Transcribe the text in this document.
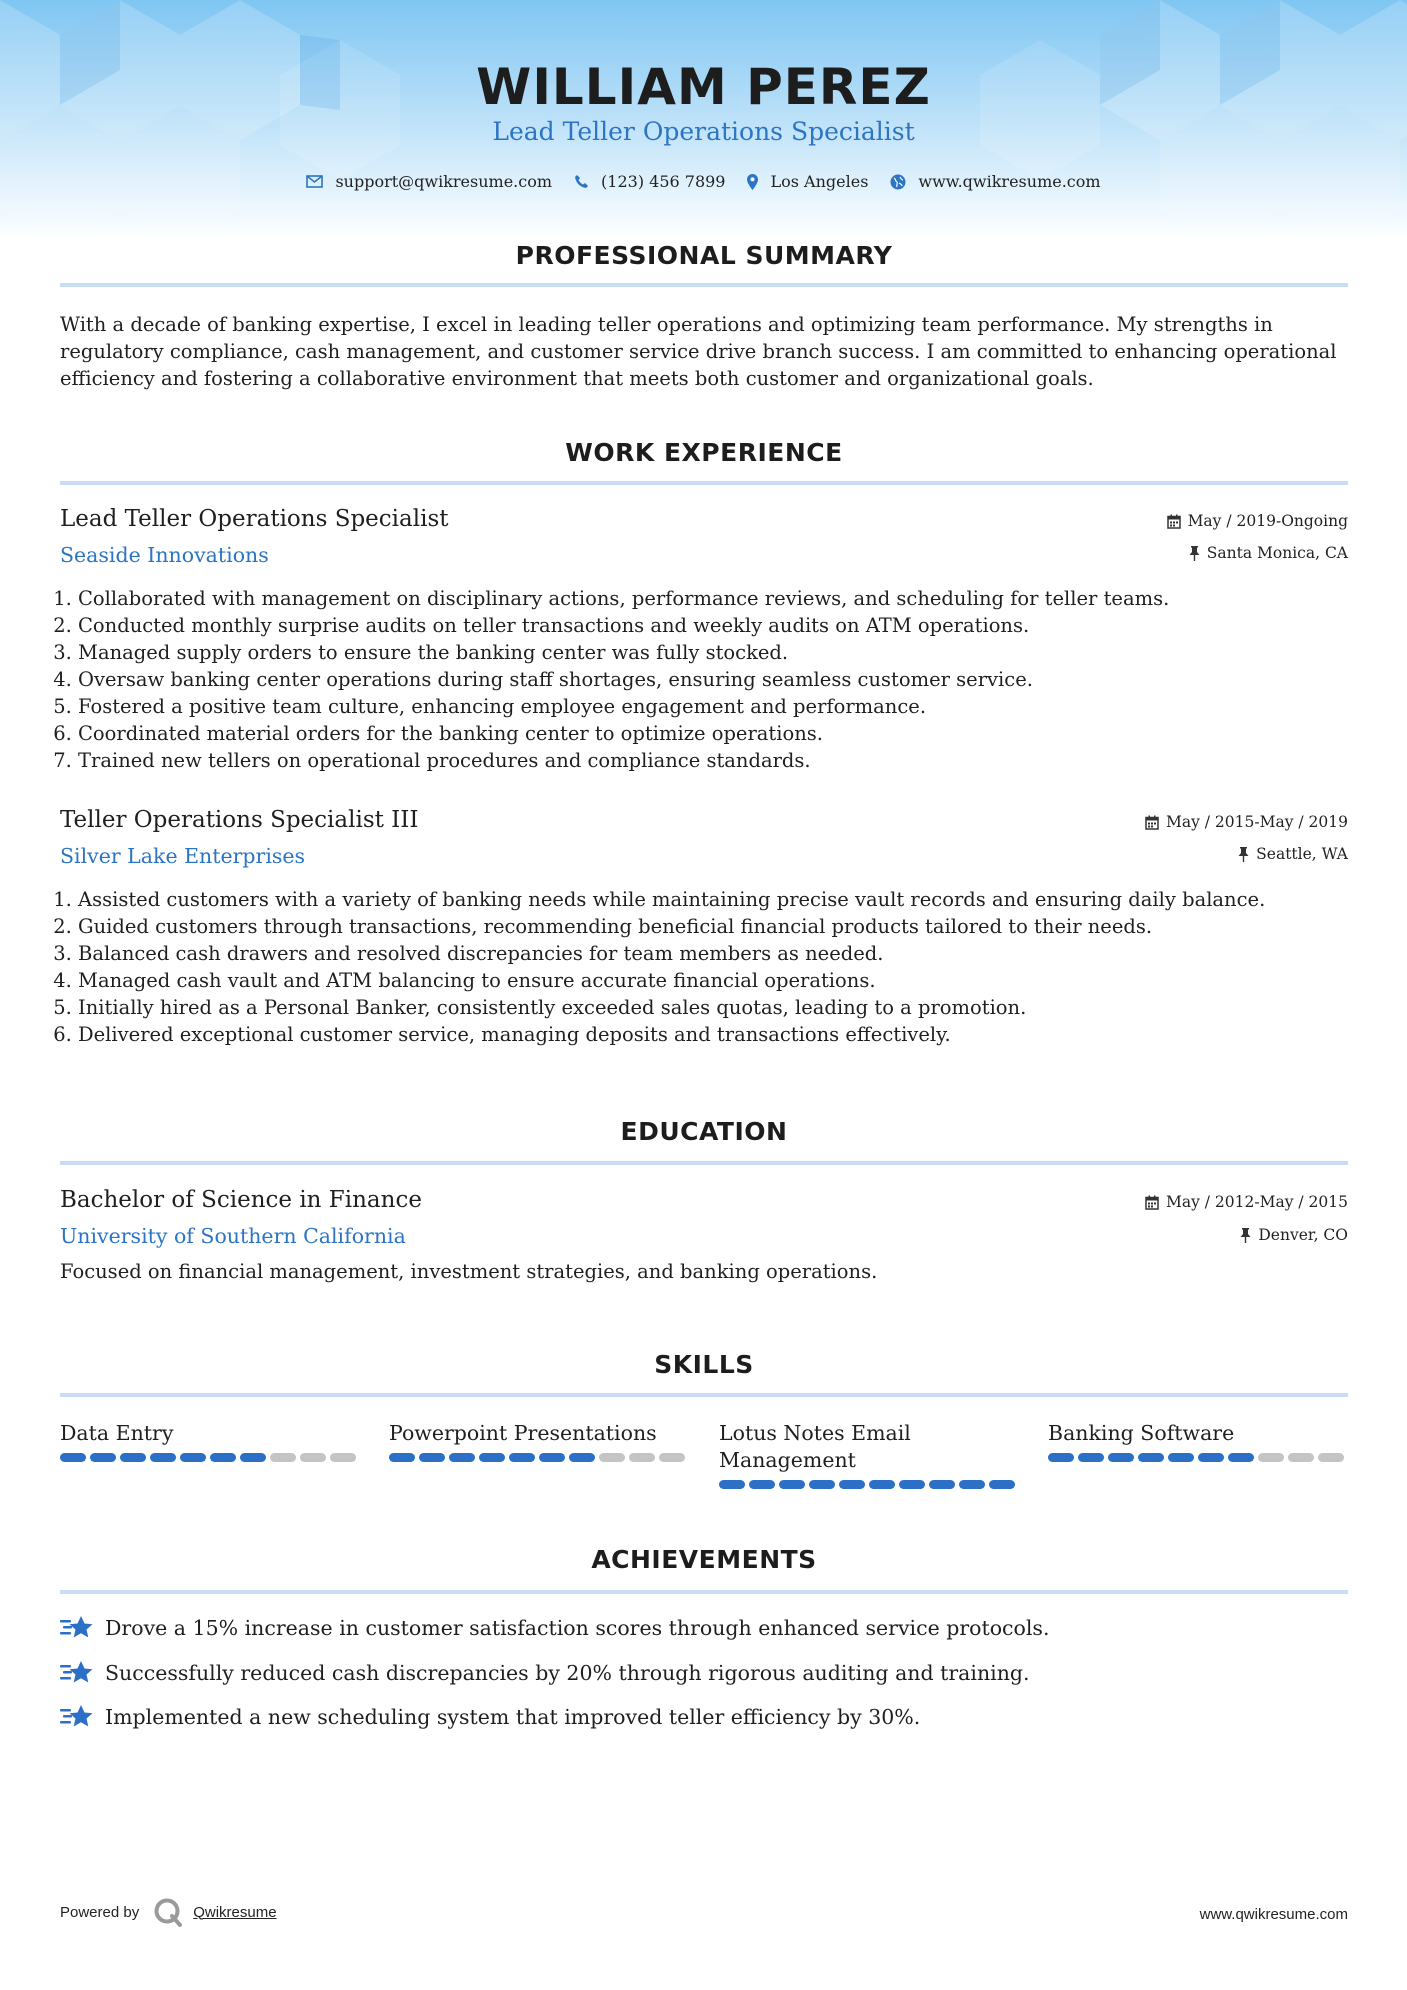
WILLIAM PEREZ
Lead Teller Operations Specialist
support@qwikresume.com	(123) 456 7899	Los Angeles	www.qwikresume.com
PROFESSIONAL SUMMARY
With a decade of banking expertise, I excel in leading teller operations and optimizing team performance. My strengths in regulatory compliance, cash management, and customer service drive branch success. I am committed to enhancing operational efficiency and fostering a collaborative environment that meets both customer and organizational goals.
WORK EXPERIENCE
Lead Teller Operations Specialist
Seaside Innovations
May / 2019-Ongoing
Santa Monica, CA
1. Collaborated with management on disciplinary actions, performance reviews, and scheduling for teller teams.
2. Conducted monthly surprise audits on teller transactions and weekly audits on ATM operations.
3. Managed supply orders to ensure the banking center was fully stocked.
4. Oversaw banking center operations during staff shortages, ensuring seamless customer service.
5. Fostered a positive team culture, enhancing employee engagement and performance.
6. Coordinated material orders for the banking center to optimize operations.
7. Trained new tellers on operational procedures and compliance standards.
Teller Operations Specialist III
Silver Lake Enterprises
May / 2015-May / 2019
Seattle, WA
1. Assisted customers with a variety of banking needs while maintaining precise vault records and ensuring daily balance.
2. Guided customers through transactions, recommending beneficial financial products tailored to their needs.
3. Balanced cash drawers and resolved discrepancies for team members as needed.
4. Managed cash vault and ATM balancing to ensure accurate financial operations.
5. Initially hired as a Personal Banker, consistently exceeded sales quotas, leading to a promotion.
6. Delivered exceptional customer service, managing deposits and transactions effectively.
EDUCATION
Bachelor of Science in Finance
University of Southern California
May / 2012-May / 2015
Denver, CO
Focused on financial management, investment strategies, and banking operations.
SKILLS
Data Entry	Powerpoint Presentations	Lotus Notes Email Management
Banking Software
ACHIEVEMENTS
Drove a 15% increase in customer satisfaction scores through enhanced service protocols.
Successfully reduced cash discrepancies by 20% through rigorous auditing and training.
Implemented a new scheduling system that improved teller efficiency by 30%.
Powered by	Qwikresume	www.qwikresume.com
